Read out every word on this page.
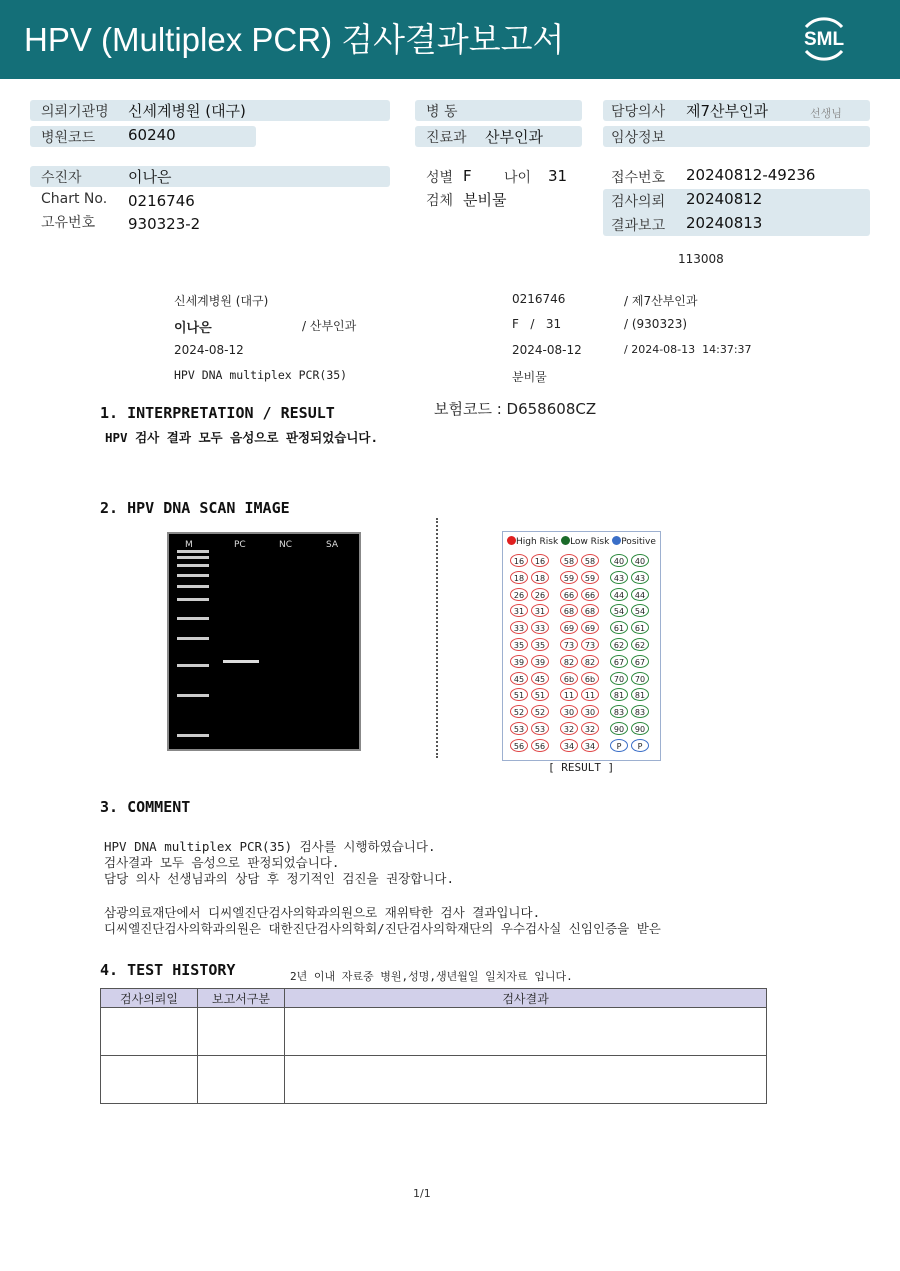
HPV (Multiplex PCR) 검사결과보고서	SML
의뢰기관명 신세계병원 (대구)
병원코드 60240
병 동
진료과 산부인과
담당의사 제7산부인과	선생님
임상정보
수진자	이나은
Chart No. 0216746
고유번호 930323-2
성별 F 나이 31
검체 분비물
접수번호 20240812-49236
검사의뢰 20240812
결과보고 20240813
113008
신세계병원 (대구)	0216746	/ 제7산부인과
이나은	/ 산부인과	F   /   31	/ (930323)
2024-08-12	2024-08-12	/ 2024-08-13  14:37:37
HPV DNA multiplex PCR(35)	분비물
보험코드 : D658608CZ
1. INTERPRETATION / RESULT
HPV 검사 결과 모두 음성으로 판정되었습니다.
2. HPV DNA SCAN IMAGE
M	PC	NC	SA	High Risk Low Risk Positive
16	16	58	58	40	40
18	18	59	59	43	43
26	26	66	66	44	44
31	31	68	68	54	54
33	33	69	69	61	61
35	35	73	73	62	62
39	39	82	82	67	67
45	45	6b	6b	70	70
51	51	11	11	81	81
52	52	30	30	83	83
53	53	32	32	90	90
56	56	34	34	P	P
[ RESULT ]
3. COMMENT
HPV DNA multiplex PCR(35) 검사를 시행하였습니다.
검사결과 모두 음성으로 판정되었습니다.
담당 의사 선생님과의 상담 후 정기적인 검진을 권장합니다.
삼광의료재단에서 디씨엘진단검사의학과의원으로 재위탁한 검사 결과입니다.
디씨엘진단검사의학과의원은 대한진단검사의학회/진단검사의학재단의 우수검사실 신임인증을 받은
4. TEST HISTORY	2년 이내 자료중 병원,성명,생년월일 일치자료 입니다.
검사의뢰일	보고서구분	검사결과

1/1
